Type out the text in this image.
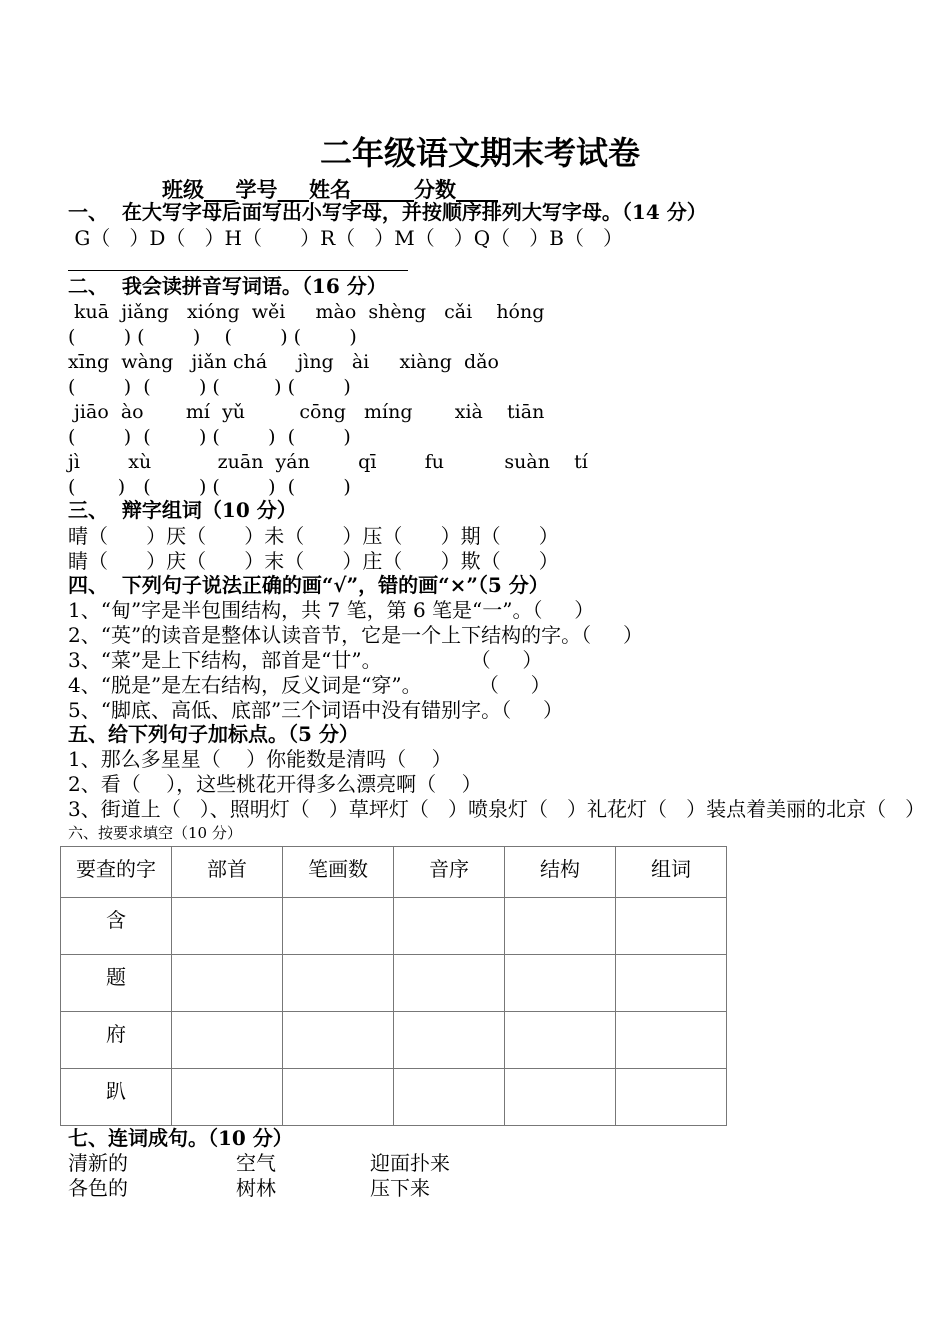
二年级语文期末考试卷
班级___学号___姓名______分数____
一、  在大写字母后面写出小写字母，并按顺序排列大写字母。（14 分）
G（   ）D（   ）H（      ）R（   ）M（   ）Q（   ）B（   ）
二、  我会读拼音写词语。（16 分）
kuā  jiǎng   xióng  wěi     mào  shèng   cǎi    hóng
(        ) (        )    (        ) (        )
xīng  wàng   jiǎn chá     jìng   ài     xiàng  dǎo
(        )  (        ) (         ) (        )
jiāo  ào       mí  yǔ         cōng   míng       xià    tiān
(        )  (        ) (        )  (        )
jì        xù           zuān  yán        qī        fu          suàn    tí
(       )   (        ) (        )  (        )
三、  辩字组词（10 分）
晴（      ）厌（      ）未（      ）压（      ）期（      ）
睛（      ）庆（      ）末（      ）庄（      ）欺（      ）
四、  下列句子说法正确的画“√”，错的画“×”（5 分）
1、“甸”字是半包围结构，共 7 笔，第 6 笔是“一”。（     ）
2、“英”的读音是整体认读音节，它是一个上下结构的字。（     ）
3、“菜”是上下结构，部首是“廿”。              （     ）
4、“脱是”是左右结构，反义词是“穿”。         （     ）
5、“脚底、高低、底部”三个词语中没有错别字。（     ）
五、给下列句子加标点。（5 分）
1、那么多星星（    ）你能数是清吗（    ）
2、看（    ），这些桃花开得多么漂亮啊（    ）
3、街道上（   ）、照明灯（   ）草坪灯（   ）喷泉灯（   ）礼花灯（   ）装点着美丽的北京（   ）
六、按要求填空（10 分）
要查的字	部首	笔画数	音序	结构	组词

含					

题					

府					

趴					

七、连词成句。（10 分）
清新的	空气	迎面扑来
各色的	树林	压下来
